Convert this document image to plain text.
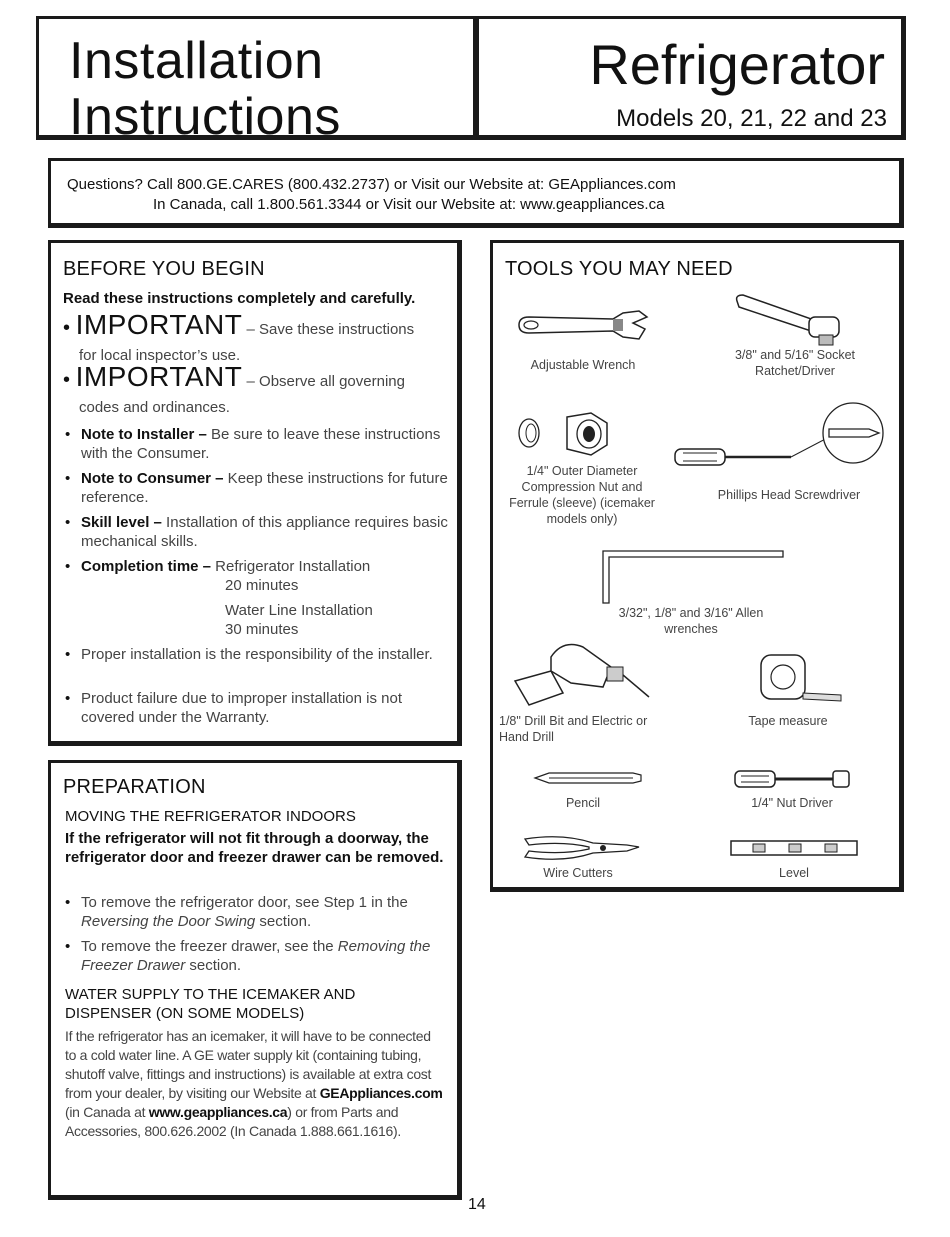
Installation
Instructions
Refrigerator
Models 20, 21, 22 and 23
Questions? Call 800.GE.CARES (800.432.2737) or Visit our Website at: GEAppliances.com
In Canada, call 1.800.561.3344 or Visit our Website at: www.geappliances.ca
BEFORE YOU BEGIN
Read these instructions completely and carefully.
• IMPORTANT – Save these instructions
for local inspector’s use.
• IMPORTANT – Observe all governing
codes and ordinances.
• Note to Installer – Be sure to leave these instructions with the Consumer.
• Note to Consumer – Keep these instructions for future reference.
• Skill level – Installation of this appliance requires basic mechanical skills.
• Completion time – Refrigerator Installation
20 minutes
Water Line Installation
30 minutes
• Proper installation is the responsibility of the installer.
• Product failure due to improper installation is not covered under the Warranty.
PREPARATION
MOVING THE REFRIGERATOR INDOORS
If the refrigerator will not fit through a doorway, the refrigerator door and freezer drawer can be removed.
• To remove the refrigerator door, see Step 1 in the Reversing the Door Swing section.
• To remove the freezer drawer, see the Removing the Freezer Drawer section.
WATER SUPPLY TO THE ICEMAKER AND DISPENSER (ON SOME MODELS)
If the refrigerator has an icemaker, it will have to be connected to a cold water line. A GE water supply kit (containing tubing, shutoff valve, fittings and instructions) is available at extra cost from your dealer, by visiting our Website at GEAppliances.com (in Canada at www.geappliances.ca) or from Parts and Accessories, 800.626.2002 (In Canada 1.888.661.1616).
TOOLS YOU MAY NEED
Adjustable Wrench
3/8" and 5/16" Socket Ratchet/Driver
1/4" Outer Diameter Compression Nut and Ferrule (sleeve) (icemaker models only)
Phillips Head Screwdriver
3/32", 1/8" and 3/16" Allen wrenches
1/8" Drill Bit and Electric or Hand Drill
Tape measure
Pencil	1/4" Nut Driver
Wire Cutters	Level
14
